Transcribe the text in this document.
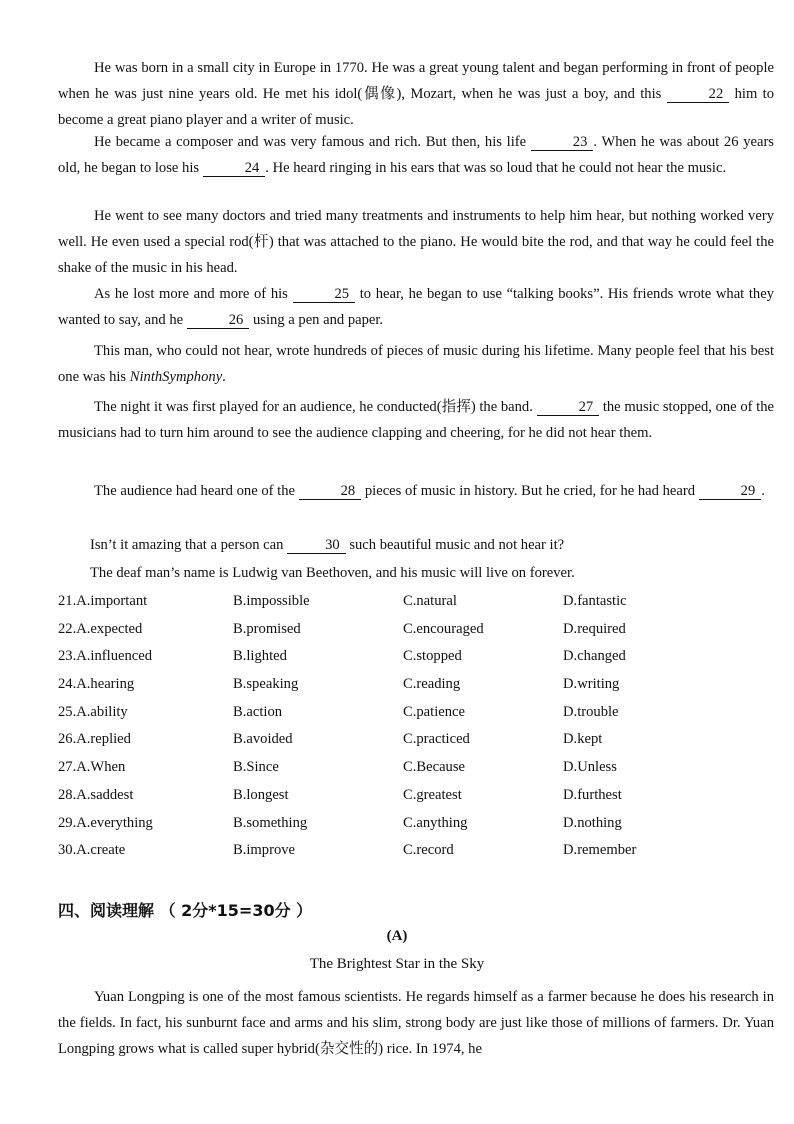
He was born in a small city in Europe in 1770. He was a great young talent and began performing in front of people when he was just nine years old. He met his idol(偶像), Mozart, when he was just a boy, and this	22 him to become a great piano player and a writer of music.

He became a composer and was very famous and rich. But then, his life	23 . When he was about 26 years old, he began to lose his	24 . He heard ringing in his ears that was so loud that he could not hear the music.

He went to see many doctors and tried many treatments and instruments to help him hear, but nothing worked very well. He even used a special rod(杆) that was attached to the piano. He would bite the rod, and that way he could feel the shake of the music in his head.

As he lost more and more of his	25 to hear, he began to use “talking books”. His friends wrote what they wanted to say, and he	26 using a pen and paper.

This man, who could not hear, wrote hundreds of pieces of music during his lifetime. Many people feel that his best one was his NinthSymphony.

The night it was first played for an audience, he conducted(指挥) the band.	27 the music stopped, one of the musicians had to turn him around to see the audience clapping and cheering, for he did not hear them.

The audience had heard one of the	28 pieces of music in history. But he cried, for he had heard	29 .

Isn’t it amazing that a person can	30 such beautiful music and not hear it?

The deaf man’s name is Ludwig van Beethoven, and his music will live on forever.

21.A.important	B.impossible	C.natural	D.fantastic
22.A.expected	B.promised	C.encouraged	D.required
23.A.influenced	B.lighted	C.stopped	D.changed
24.A.hearing	B.speaking	C.reading	D.writing
25.A.ability	B.action	C.patience	D.trouble
26.A.replied	B.avoided	C.practiced	D.kept
27.A.When	B.Since	C.Because	D.Unless
28.A.saddest	B.longest	C.greatest	D.furthest
29.A.everything	B.something	C.anything	D.nothing
30.A.create	B.improve	C.record	D.remember

四、阅读理解 （ 2分*15=30分 ）

(A)

The Brightest Star in the Sky

Yuan Longping is one of the most famous scientists. He regards himself as a farmer because he does his research in the fields. In fact, his sunburnt face and arms and his slim, strong body are just like those of millions of farmers. Dr. Yuan Longping grows what is called super hybrid(杂交性的) rice. In 1974, he
